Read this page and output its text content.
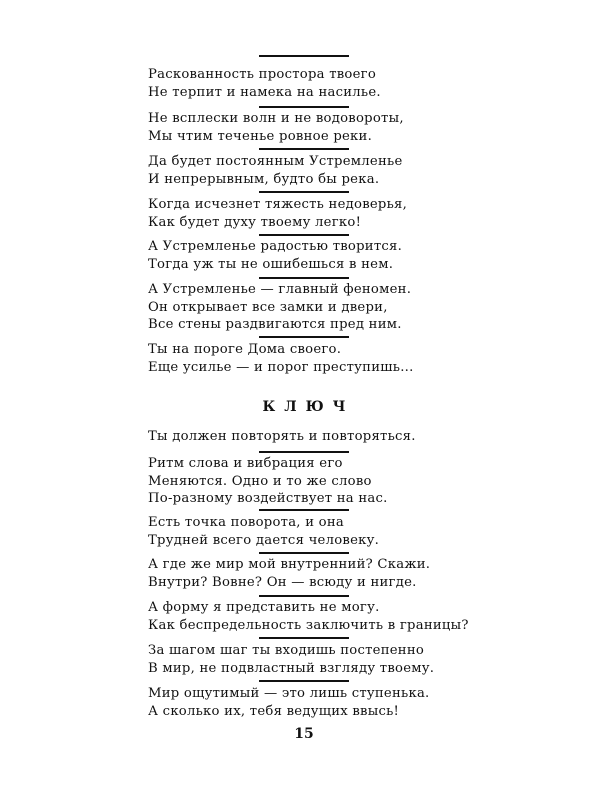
Раскованность простора твоего
Не терпит и намека на насилье.
Не всплески волн и не водовороты,
Мы чтим теченье ровное реки.
Да будет постоянным Устремленье
И непрерывным, будто бы река.
Когда исчезнет тяжесть недоверья,
Как будет духу твоему легко!
А Устремленье радостью творится.
Тогда уж ты не ошибешься в нем.
А Устремленье — главный феномен.
Он открывает все замки и двери,
Все стены раздвигаются пред ним.
Ты на пороге Дома своего.
Еще усилье — и порог преступишь...
КЛЮЧ
Ты должен повторять и повторяться.
Ритм слова и вибрация его
Меняются. Одно и то же слово
По-разному воздействует на нас.
Есть точка поворота, и она
Трудней всего дается человеку.
А где же мир мой внутренний? Скажи.
Внутри? Вовне? Он — всюду и нигде.
А форму я представить не могу.
Как беспредельность заключить в границы?
За шагом шаг ты входишь постепенно
В мир, не подвластный взгляду твоему.
Мир ощутимый — это лишь ступенька.
А сколько их, тебя ведущих ввысь!
15
